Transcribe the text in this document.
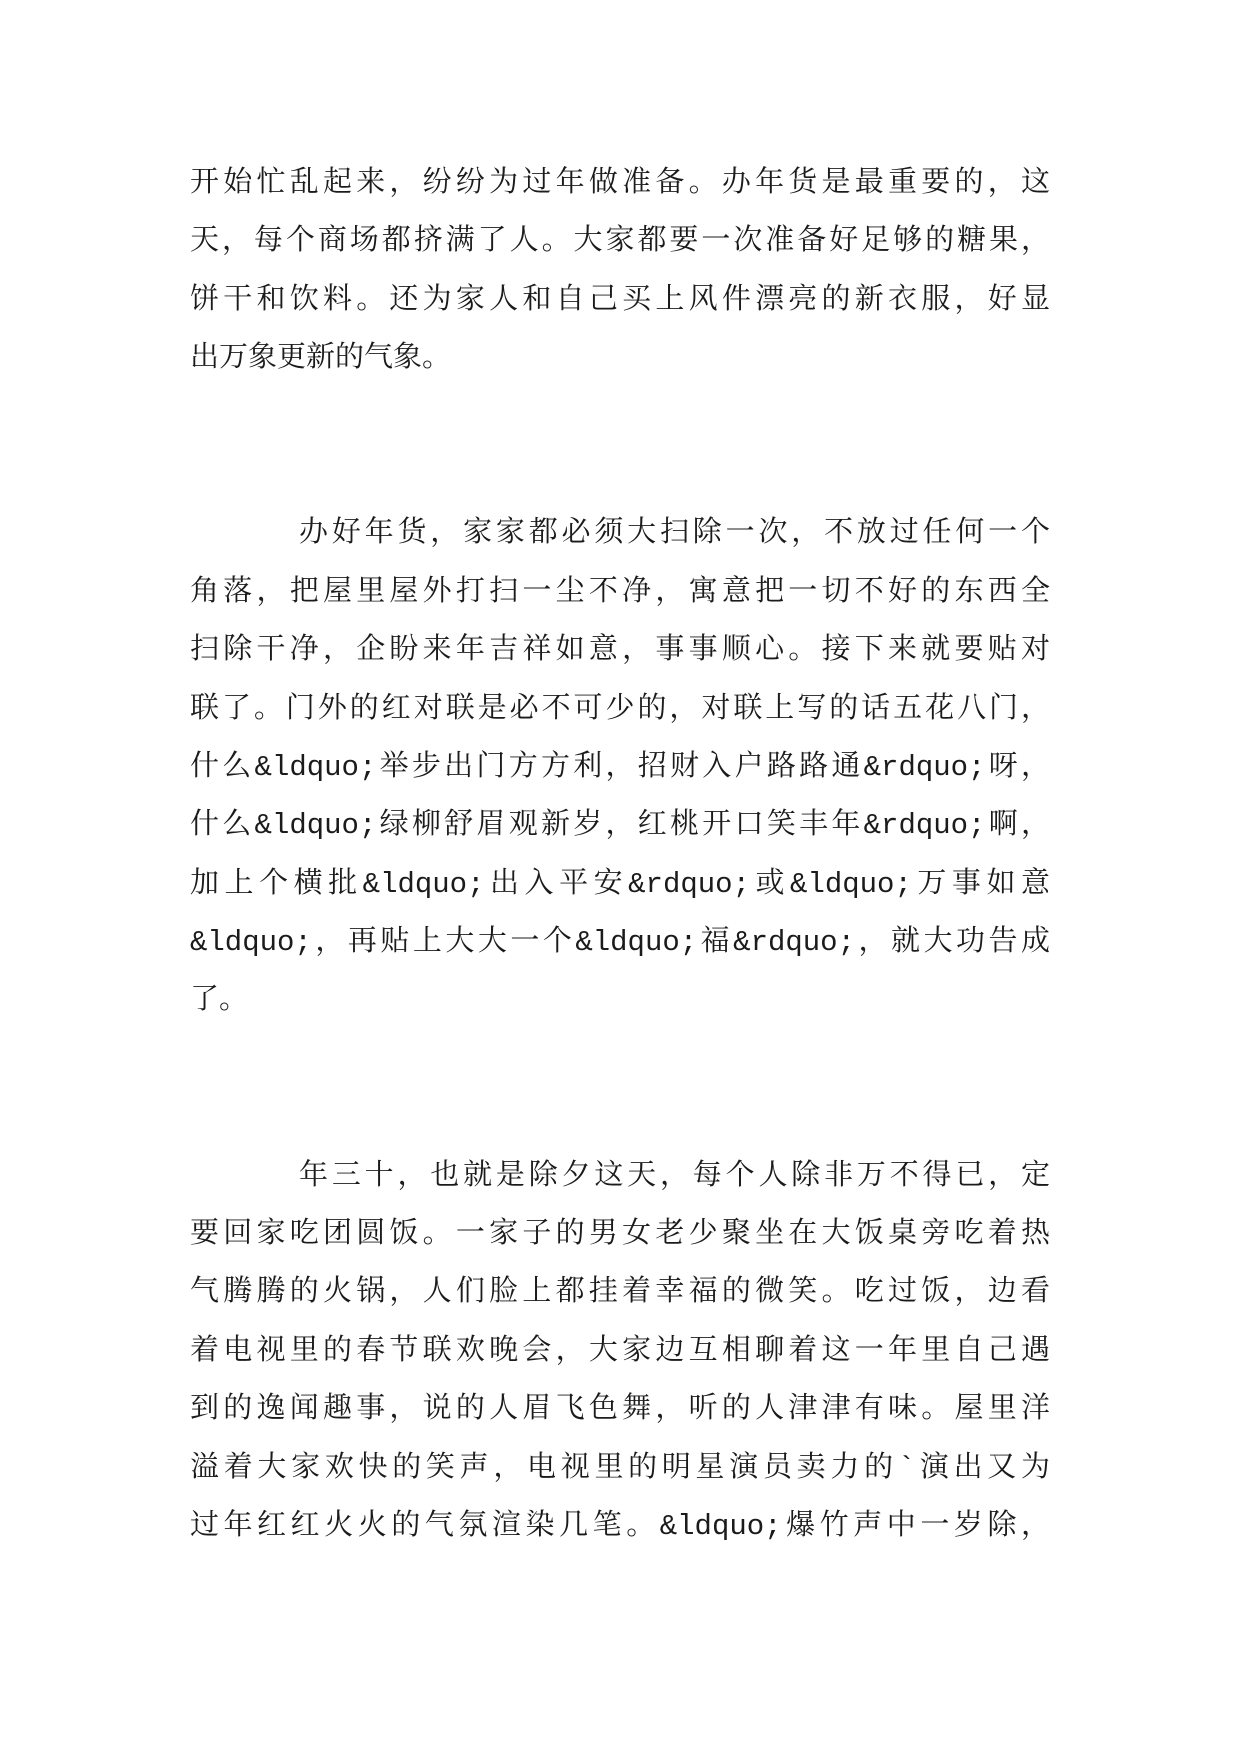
开始忙乱起来，纷纷为过年做准备。办年货是最重要的，这
天，每个商场都挤满了人。大家都要一次准备好足够的糖果，
饼干和饮料。还为家人和自己买上风件漂亮的新衣服，好显
出万象更新的气象。
办好年货，家家都必须大扫除一次，不放过任何一个
角落，把屋里屋外打扫一尘不净，寓意把一切不好的东西全
扫除干净，企盼来年吉祥如意，事事顺心。接下来就要贴对
联了。门外的红对联是必不可少的，对联上写的话五花八门，
什么&ldquo;举步出门方方利，招财入户路路通&rdquo;呀，
什么&ldquo;绿柳舒眉观新岁，红桃开口笑丰年&rdquo;啊，
加上个横批&ldquo;出入平安&rdquo;或&ldquo;万事如意
&ldquo;，再贴上大大一个&ldquo;福&rdquo;，就大功告成
了。
年三十，也就是除夕这天，每个人除非万不得已，定
要回家吃团圆饭。一家子的男女老少聚坐在大饭桌旁吃着热
气腾腾的火锅，人们脸上都挂着幸福的微笑。吃过饭，边看
着电视里的春节联欢晚会，大家边互相聊着这一年里自己遇
到的逸闻趣事，说的人眉飞色舞，听的人津津有味。屋里洋
溢着大家欢快的笑声，电视里的明星演员卖力的`演出又为
过年红红火火的气氛渲染几笔。&ldquo;爆竹声中一岁除，
